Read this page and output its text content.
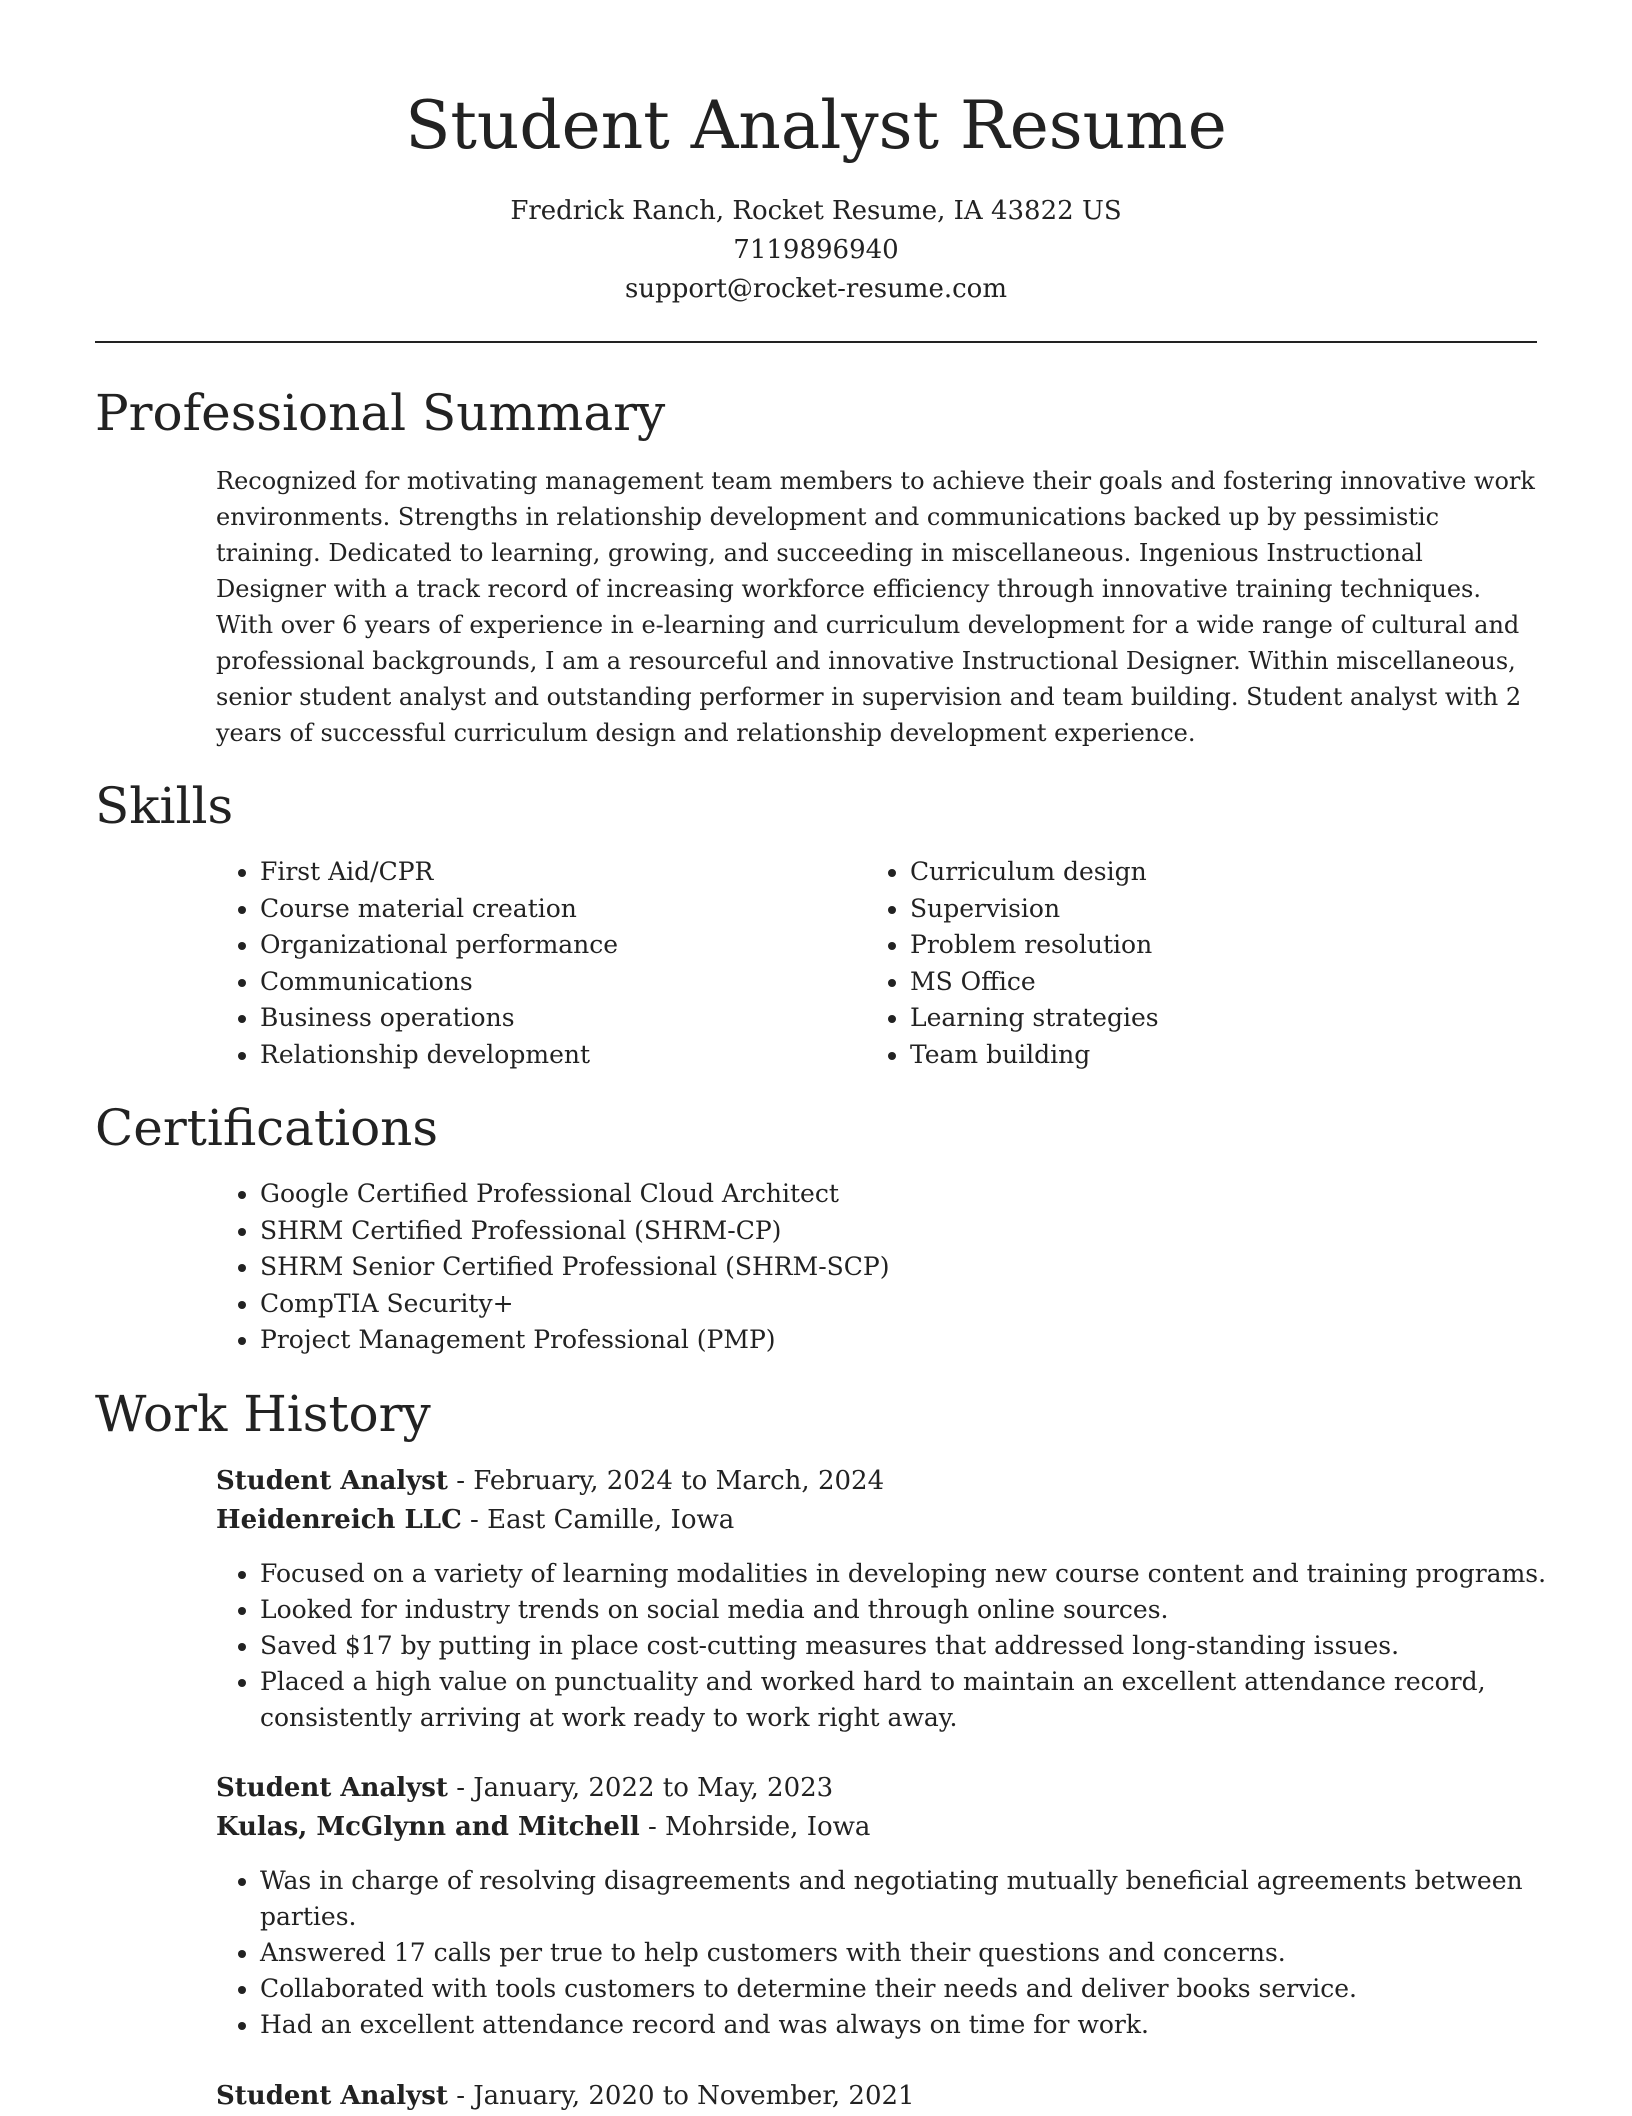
Student Analyst Resume
Fredrick Ranch, Rocket Resume, IA 43822 US
7119896940
support@rocket-resume.com
Professional Summary

Recognized for motivating management team members to achieve their goals and fostering innovative work environments. Strengths in relationship development and communications backed up by pessimistic training. Dedicated to learning, growing, and succeeding in miscellaneous. Ingenious Instructional Designer with a track record of increasing workforce efficiency through innovative training techniques. With over 6 years of experience in e-learning and curriculum development for a wide range of cultural and professional backgrounds, I am a resourceful and innovative Instructional Designer. Within miscellaneous, senior student analyst and outstanding performer in supervision and team building. Student analyst with 2 years of successful curriculum design and relationship development experience.

Skills
• First Aid/CPR
• Course material creation
• Organizational performance
• Communications
• Business operations
• Relationship development
• Curriculum design
• Supervision
• Problem resolution
• MS Office
• Learning strategies
• Team building
Certifications
• Google Certified Professional Cloud Architect
• SHRM Certified Professional (SHRM-CP)
• SHRM Senior Certified Professional (SHRM-SCP)
• CompTIA Security+
• Project Management Professional (PMP)
Work History
Student Analyst - February, 2024 to March, 2024
Heidenreich LLC - East Camille, Iowa
• Focused on a variety of learning modalities in developing new course content and training programs.
• Looked for industry trends on social media and through online sources.
• Saved $17 by putting in place cost-cutting measures that addressed long-standing issues.
• Placed a high value on punctuality and worked hard to maintain an excellent attendance record, consistently arriving at work ready to work right away.
Student Analyst - January, 2022 to May, 2023
Kulas, McGlynn and Mitchell - Mohrside, Iowa
• Was in charge of resolving disagreements and negotiating mutually beneficial agreements between parties.
• Answered 17 calls per true to help customers with their questions and concerns.
• Collaborated with tools customers to determine their needs and deliver books service.
• Had an excellent attendance record and was always on time for work.
Student Analyst - January, 2020 to November, 2021
